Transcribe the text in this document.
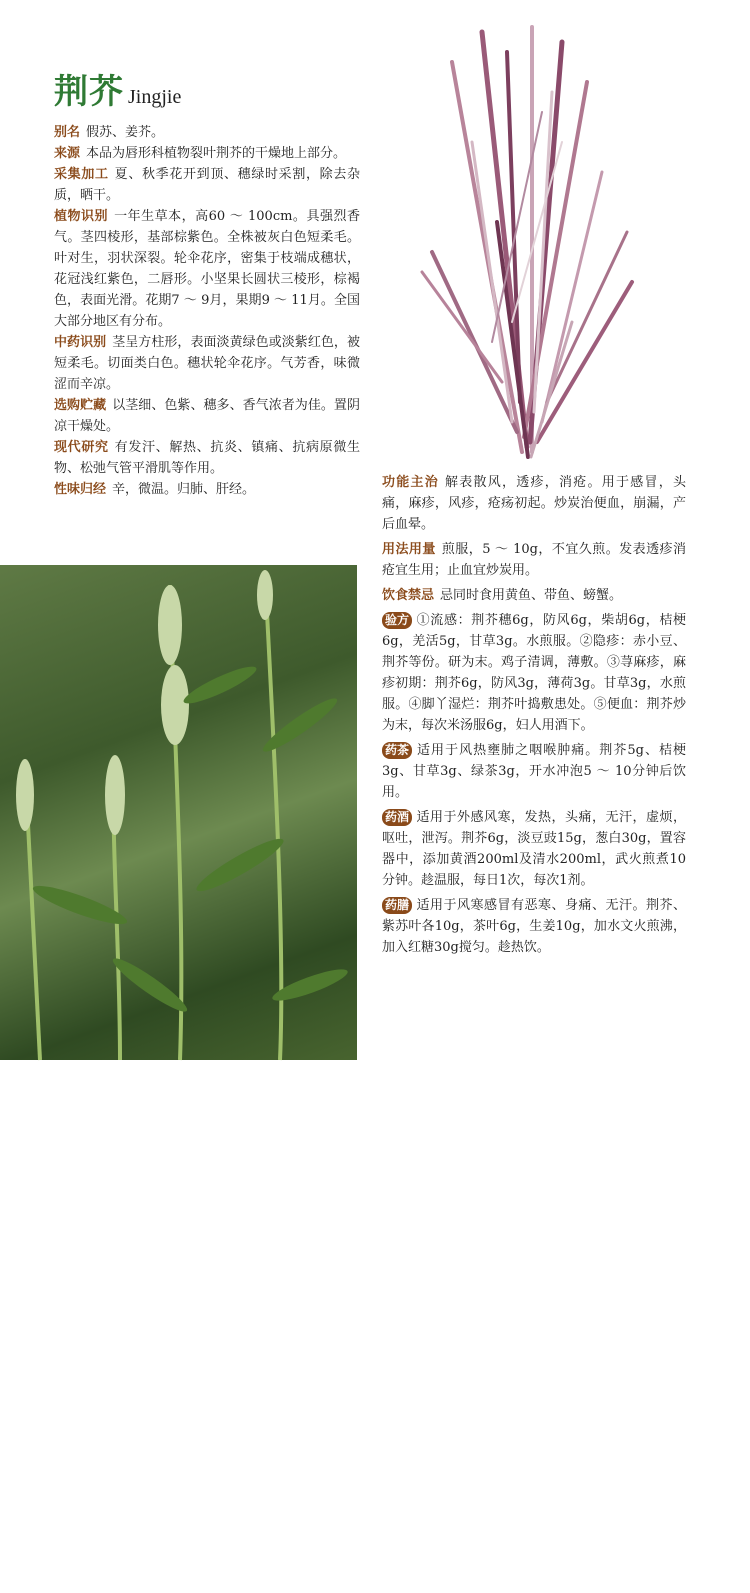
荆芥 Jingjie

别名 假苏、姜芥。

来源 本品为唇形科植物裂叶荆芥的干燥地上部分。

采集加工 夏、秋季花开到顶、穗绿时采割，除去杂质，晒干。

植物识别 一年生草本，高60 ～ 100cm。具强烈香气。茎四棱形，基部棕紫色。全株被灰白色短柔毛。叶对生，羽状深裂。轮伞花序，密集于枝端成穗状，花冠浅红紫色，二唇形。小坚果长圆状三棱形，棕褐色，表面光滑。花期7 ～ 9月，果期9 ～ 11月。全国大部分地区有分布。

中药识别 茎呈方柱形，表面淡黄绿色或淡紫红色，被短柔毛。切面类白色。穗状轮伞花序。气芳香，味微涩而辛凉。

选购贮藏 以茎细、色紫、穗多、香气浓者为佳。置阴凉干燥处。

现代研究 有发汗、解热、抗炎、镇痛、抗病原微生物、松弛气管平滑肌等作用。

性味归经 辛，微温。归肺、肝经。	功能主治 解表散风，透疹，消疮。用于感冒，头痛，麻疹，风疹，疮疡初起。炒炭治便血，崩漏，产后血晕。

用法用量 煎服，5 ～ 10g，不宜久煎。发表透疹消疮宜生用；止血宜炒炭用。

饮食禁忌 忌同时食用黄鱼、带鱼、螃蟹。

验方 ①流感：荆芥穗6g，防风6g，柴胡6g，桔梗6g，羌活5g，甘草3g。水煎服。②隐疹：赤小豆、荆芥等份。研为末。鸡子清调，薄敷。③荨麻疹，麻疹初期：荆芥6g，防风3g，薄荷3g。甘草3g，水煎服。④脚丫湿烂：荆芥叶捣敷患处。⑤便血：荆芥炒为末，每次米汤服6g，妇人用酒下。

药茶 适用于风热壅肺之咽喉肿痛。荆芥5g、桔梗3g、甘草3g、绿茶3g，开水冲泡5 ～ 10分钟后饮用。

药酒 适用于外感风寒，发热，头痛，无汗，虚烦，呕吐，泄泻。荆芥6g，淡豆豉15g，葱白30g，置容器中，添加黄酒200ml及清水200ml，武火煎煮10分钟。趁温服，每日1次，每次1剂。

药膳 适用于风寒感冒有恶寒、身痛、无汗。荆芥、紫苏叶各10g，茶叶6g，生姜10g，加水文火煎沸，加入红糖30g搅匀。趁热饮。

064
